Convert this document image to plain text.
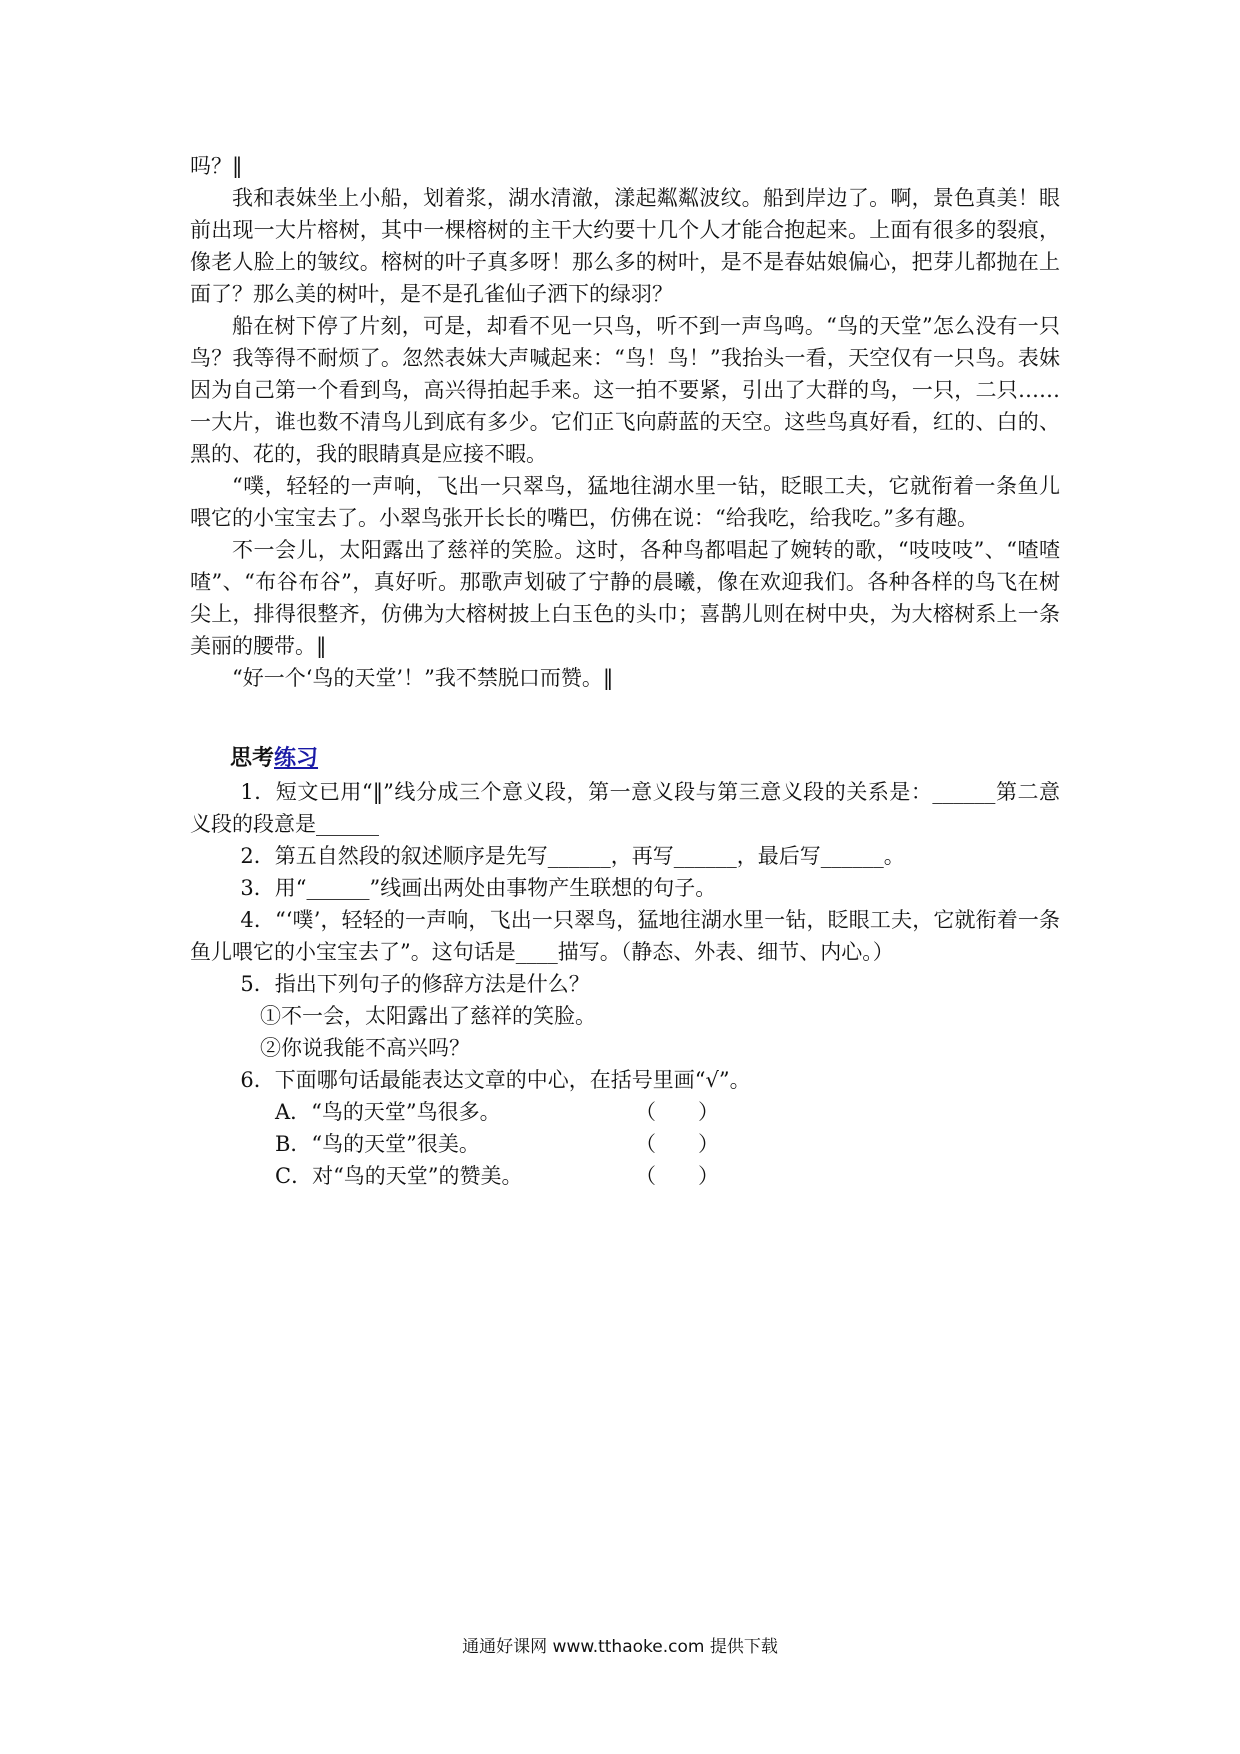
吗？‖

我和表妹坐上小船，划着浆，湖水清澈，漾起粼粼波纹。船到岸边了。啊，景色真美！眼前出现一大片榕树，其中一棵榕树的主干大约要十几个人才能合抱起来。上面有很多的裂痕，像老人脸上的皱纹。榕树的叶子真多呀！那么多的树叶，是不是春姑娘偏心，把芽儿都抛在上面了？那么美的树叶，是不是孔雀仙子洒下的绿羽？

船在树下停了片刻，可是，却看不见一只鸟，听不到一声鸟鸣。“鸟的天堂”怎么没有一只鸟？我等得不耐烦了。忽然表妹大声喊起来：“鸟！鸟！”我抬头一看，天空仅有一只鸟。表妹因为自己第一个看到鸟，高兴得拍起手来。这一拍不要紧，引出了大群的鸟，一只，二只……一大片，谁也数不清鸟儿到底有多少。它们正飞向蔚蓝的天空。这些鸟真好看，红的、白的、黑的、花的，我的眼睛真是应接不暇。

“噗，轻轻的一声响，飞出一只翠鸟，猛地往湖水里一钻，眨眼工夫，它就衔着一条鱼儿喂它的小宝宝去了。小翠鸟张开长长的嘴巴，仿佛在说：“给我吃，给我吃。”多有趣。

不一会儿，太阳露出了慈祥的笑脸。这时，各种鸟都唱起了婉转的歌，“吱吱吱”、“喳喳喳”、“布谷布谷”，真好听。那歌声划破了宁静的晨曦，像在欢迎我们。各种各样的鸟飞在树尖上，排得很整齐，仿佛为大榕树披上白玉色的头巾；喜鹊儿则在树中央，为大榕树系上一条美丽的腰带。‖

“好一个‘鸟的天堂’！”我不禁脱口而赞。‖

思考练习

1．短文已用“‖”线分成三个意义段，第一意义段与第三意义段的关系是：______第二意义段的段意是______

2．第五自然段的叙述顺序是先写______，再写______，最后写______。

3．用“______”线画出两处由事物产生联想的句子。

4．“‘噗’，轻轻的一声响，飞出一只翠鸟，猛地往湖水里一钻，眨眼工夫，它就衔着一条鱼儿喂它的小宝宝去了”。这句话是____描写。（静态、外表、细节、内心。）

5．指出下列句子的修辞方法是什么？

①不一会，太阳露出了慈祥的笑脸。

②你说我能不高兴吗？

6．下面哪句话最能表达文章的中心，在括号里画“√”。

A．“鸟的天堂”鸟很多。	（　　）
B．“鸟的天堂”很美。	（　　）
C．对“鸟的天堂”的赞美。	（　　）
通通好课网 www.tthaoke.com 提供下载
